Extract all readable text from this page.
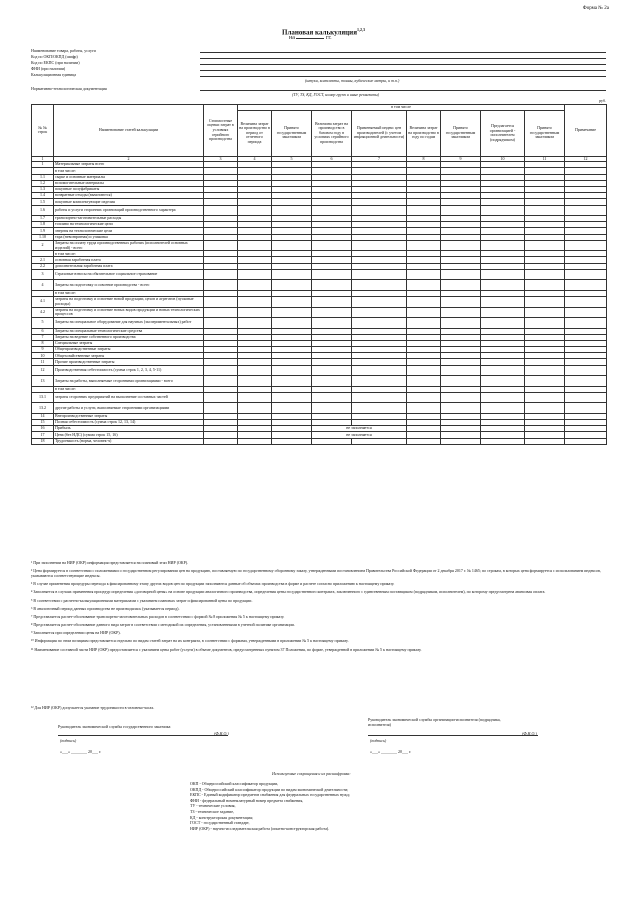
Форма № 2а
Плановая калькуляция$^{1,2,3}$
на	гг.
Наименование товара, работы, услуги
Код по ОКП/ОКПД (шифр)
Код по ЕКПС (при наличии)
ФНИ (при наличии)
Калькуляционная единица
Нормативно-технологическая документация
(штуки, комплекты, тонны, кубические метры, и т.п.)
(ТУ, ТЗ, КД, ГОСТ, номер групп и иные реквизиты)
руб.
№ № строк	Наименование статей калькуляции	Стоимостные оценки затрат в условиях серийного производства	в том числе								Примечание
			Величина затрат на производство в период от отчетного периода	Принято государственным заказчиком	Величина затрат на производство в базовом году в условиях серийного производства	Применяемый индекс цен производителей (с учетом инфляционной деятельности)	Величина затрат на производство в году по годам	Принято государственным заказчиком	Предлагается организацией - исполнителем (подрядчиком)	Принято государственным заказчиком	
1	2	3	4	5	6	7	8	9	10	11	12
1	Материальные затраты всего										
	в том числе:										
1.1	сырье и основные материалы										
1.2	вспомогательные материалы										
1.3	покупные полуфабрикаты										
1.4	возвратные отходы (вычитаются)										
1.5	покупные комплектующие изделия										
1.6	работы и услуги сторонних организаций производственного характера										
1.7	транспортно-заготовительные расходы										
1.8	топливо на технологические цели										
1.9	энергия на технологические цели										
1.10	тара (невозвратная) и упаковка										
2	Затраты на оплату труда производственных рабочих (исполнителей основных изделий) - всего										
	в том числе:										
2.1	основная заработная плата										
2.2	дополнительная заработная плата										
3	Страховые взносы на обязательное социальное страхование										
4	Затраты на подготовку и освоение производства - всего										
	в том числе:										
4.1	затраты на подготовку и освоение новой продукции, цехов и агрегатов (пусковые расходы)										
4.2	затраты на подготовку и освоение новых видов продукции и новых технологических процессов										
5	Затраты на специальное оборудование для научных (экспериментальных) работ										
6	Затраты на специальные технологические средства										
7	Затраты на ведение собственного производства										
8	Специальные затраты										
9	Общепроизводственные затраты										
10	Общехозяйственные затраты										
11	Прочие производственные затраты										
12	Производственная себестоимость (сумма строк 1, 2, 3, 4, 5-11)										
13	Затраты на работы, выполняемые сторонними организациями - всего										
	в том числе:										
13.1	затраты сторонних предприятий на выполнение составных частей										
13.2	другие работы и услуги, выполняемые сторонними организациями										
14	Внепроизводственные затраты										
15	Полная себестоимость (сумма строк 12, 13, 14)										
16	Прибыль				не заполняется						
17	Цена (без НДС) (сумма строк 15, 16)				не заполняется						
18	Трудоемкость (норма, человек-ч)										

¹ При заполнении на НИР (ОКР) информация представляется на плановый этап НИР (ОКР).

² Цена формируется в соответствии с положениями о государственном регулировании цен на продукцию, поставляемую по государственному оборонному заказу, утвержденными постановлением Правительства Российской Федерации от 2 декабря 2017 г. № 1465; по строкам, в которых цена формируется с использованием индексов, указываются соответствующие индексы.

³ В случае применения процедуры перехода к фиксированному этапу других видов цен по продукции заполняются данные об объемах производства в форме и расчете согласно приложению к настоящему приказу.

⁴ Заполняется в случаях применения процедур определения «договорной цены» на основе продукции аналогичного производства, определения цены государственного контракта, заключенного с единственным поставщиком (подрядчиком, исполнителем), по которому предусмотрена авансовая оплата.

⁵ В соответствии с расчетно-калькуляционными материалами с указанием плановых затрат и фиксированной цены по продукции.

⁶ В аналогичный период данных производства не производилась (указывается период).

⁷ Представляется расчет-обоснование транспортно-заготовительных расходов в соответствии с формой № 8 приложения № 5 к настоящему приказу.

⁸ Представляется расчет-обоснование данного вида затрат в соответствии с методикой их определения, установленными в учетной политике организации.

⁹ Заполняется при определении цены на НИР (ОКР).

¹⁰ Информация по этим позициям представляется отдельно по видам статей затрат на их контракта, в соответствии с формами, утвержденными в приложении № 5 к настоящему приказу.

¹¹ Наименование составной части НИР (ОКР) предоставляется с указанием цены работ (услуги) в объеме документов, предусмотренных пунктом 37 Положения, по форме, утвержденной в приложении № 5 к настоящему приказу.

¹² Для НИР (ОКР) допускается указание трудоемкости в человеко-часах.
Руководитель экономической службы государственного заказчика
(Ф.И.О.)
(подпись)
«___» ________ 20___ г.
Руководитель экономической службы организации-исполнителя (подрядчика, исполнителя)
(Ф.И.О.)
(подпись)
«___» ________ 20___ г.
Используемые сокращения и их расшифровка:

ОКП - Общероссийский классификатор продукции,

ОКПД - Общероссийский классификатор продукции по видам экономической деятельности;

ЕКПС - Единый кодификатор предметов снабжения для федеральных государственных нужд;

ФНИ - федеральный номенклатурный номер предмета снабжения,

ТУ - технические условия,

ТЗ - техническое задание,

КД - конструкторская документация;

ГОСТ - государственный стандарт,

НИР (ОКР) - научно-исследовательская работа (опытно-конструкторская работа).
